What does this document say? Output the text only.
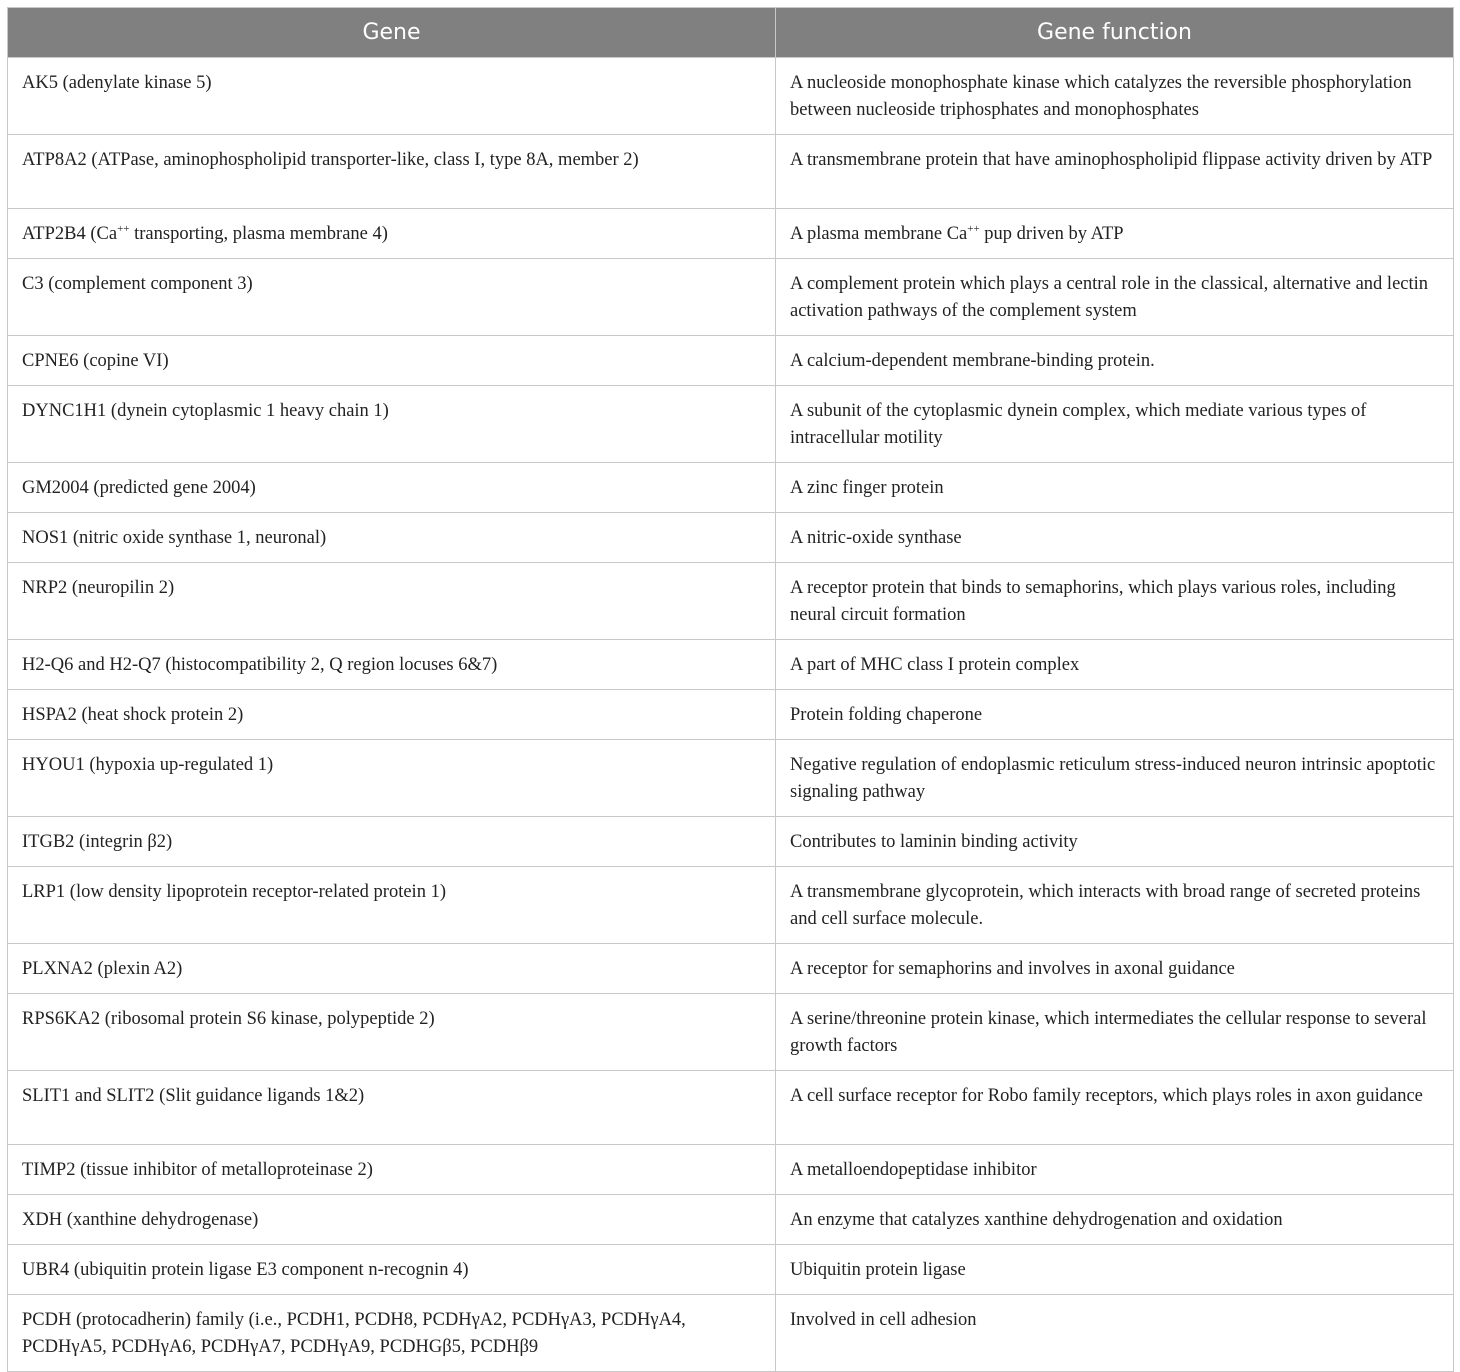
Gene	Gene function
AK5 (adenylate kinase 5)	A nucleoside monophosphate kinase which catalyzes the reversible phosphorylation between nucleoside triphosphates and monophosphates
ATP8A2 (ATPase, aminophospholipid transporter-like, class I, type 8A, member 2)	A transmembrane protein that have aminophospholipid flippase activity driven by ATP
ATP2B4 (Ca++ transporting, plasma membrane 4)	A plasma membrane Ca++ pup driven by ATP
C3 (complement component 3)	A complement protein which plays a central role in the classical, alternative and lectin activation pathways of the complement system
CPNE6 (copine VI)	A calcium-dependent membrane-binding protein.
DYNC1H1 (dynein cytoplasmic 1 heavy chain 1)	A subunit of the cytoplasmic dynein complex, which mediate various types of intracellular motility
GM2004 (predicted gene 2004)	A zinc finger protein
NOS1 (nitric oxide synthase 1, neuronal)	A nitric-oxide synthase
NRP2 (neuropilin 2)	A receptor protein that binds to semaphorins, which plays various roles, including neural circuit formation
H2-Q6 and H2-Q7 (histocompatibility 2, Q region locuses 6&7)	A part of MHC class I protein complex
HSPA2 (heat shock protein 2)	Protein folding chaperone
HYOU1 (hypoxia up-regulated 1)	Negative regulation of endoplasmic reticulum stress-induced neuron intrinsic apoptotic signaling pathway
ITGB2 (integrin β2)	Contributes to laminin binding activity
LRP1 (low density lipoprotein receptor-related protein 1)	A transmembrane glycoprotein, which interacts with broad range of secreted proteins and cell surface molecule.
PLXNA2 (plexin A2)	A receptor for semaphorins and involves in axonal guidance
RPS6KA2 (ribosomal protein S6 kinase, polypeptide 2)	A serine/threonine protein kinase, which intermediates the cellular response to several growth factors
SLIT1 and SLIT2 (Slit guidance ligands 1&2)	A cell surface receptor for Robo family receptors, which plays roles in axon guidance
TIMP2 (tissue inhibitor of metalloproteinase 2)	A metalloendopeptidase inhibitor
XDH (xanthine dehydrogenase)	An enzyme that catalyzes xanthine dehydrogenation and oxidation
UBR4 (ubiquitin protein ligase E3 component n-recognin 4)	Ubiquitin protein ligase
PCDH (protocadherin) family (i.e., PCDH1, PCDH8, PCDHγA2, PCDHγA3, PCDHγA4, PCDHγA5, PCDHγA6, PCDHγA7, PCDHγA9, PCDHGβ5, PCDHβ9	Involved in cell adhesion
